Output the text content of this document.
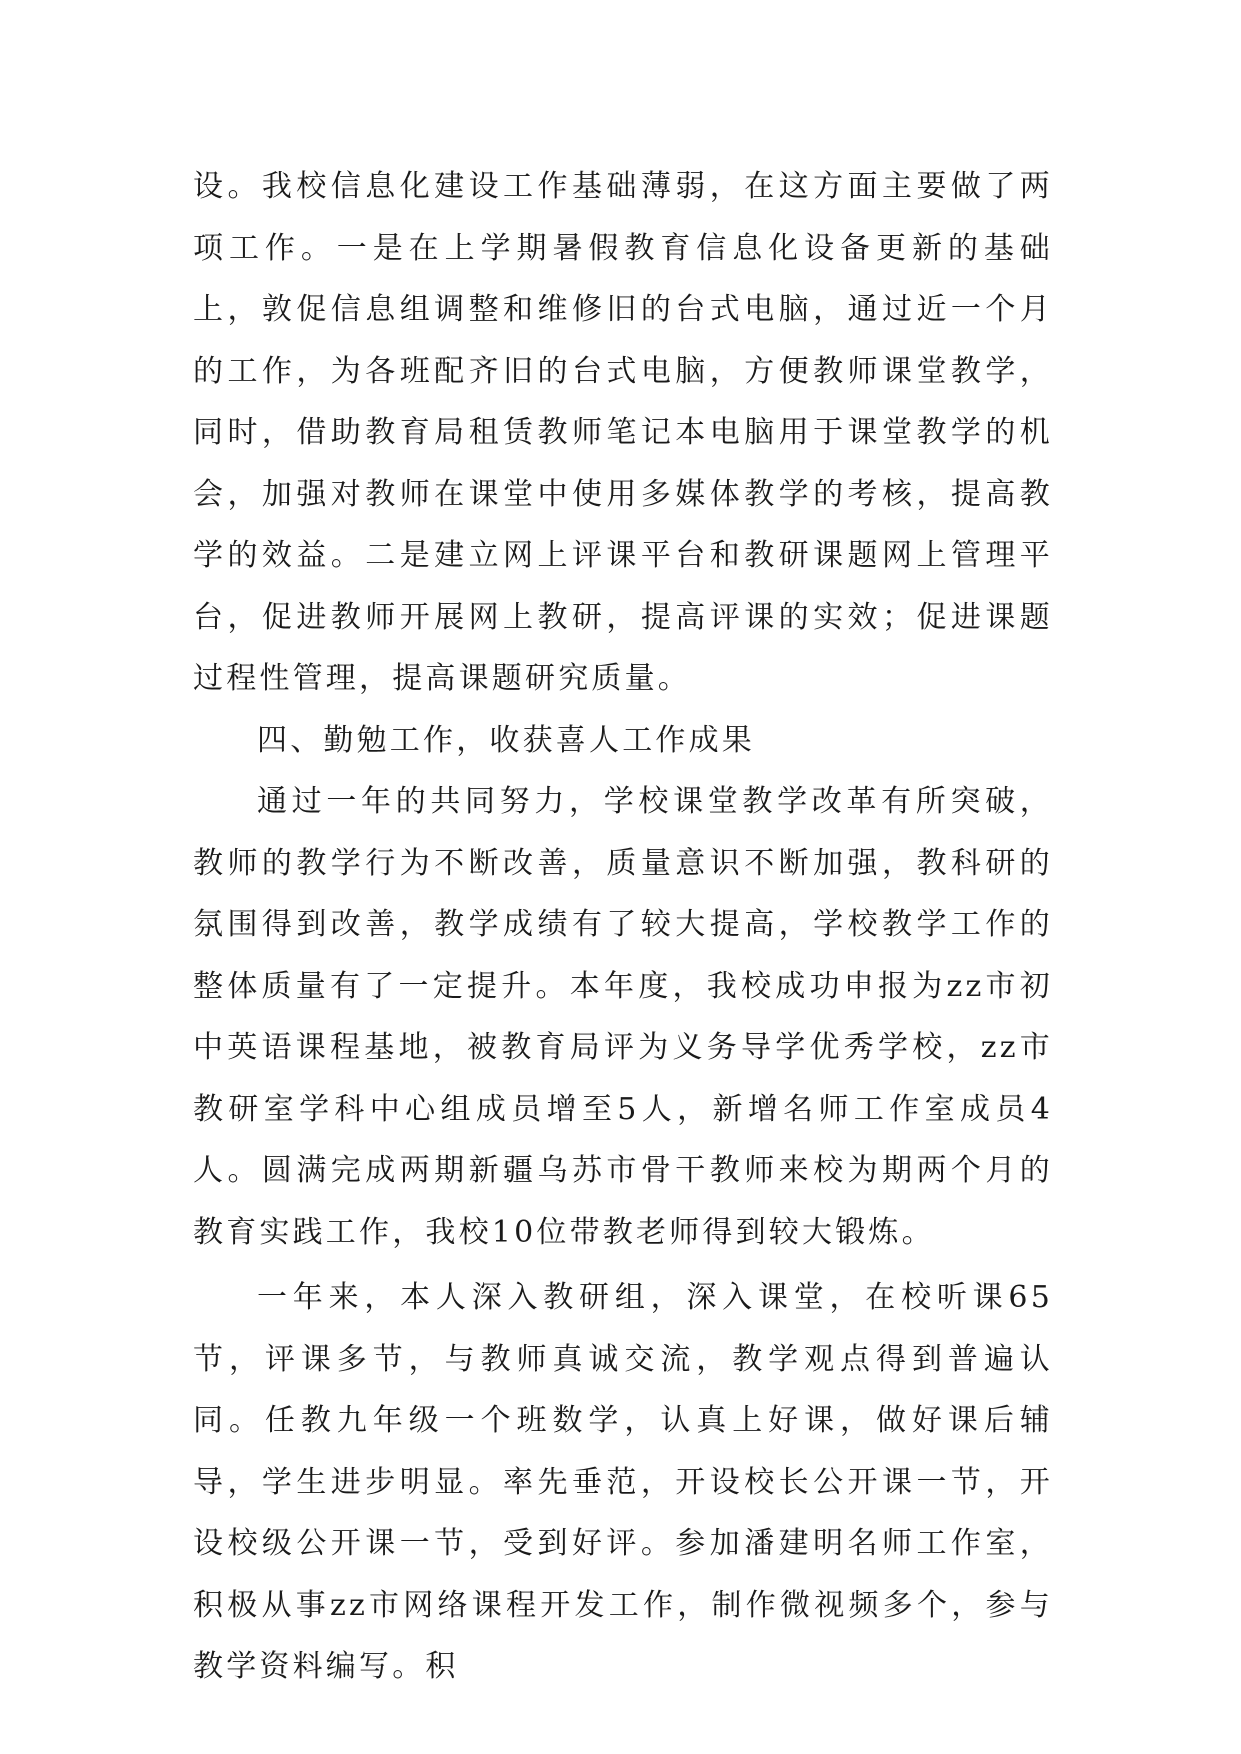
设。我校信息化建设工作基础薄弱，在这方面主要做了两项工作。一是在上学期暑假教育信息化设备更新的基础上，敦促信息组调整和维修旧的台式电脑，通过近一个月的工作，为各班配齐旧的台式电脑，方便教师课堂教学，同时，借助教育局租赁教师笔记本电脑用于课堂教学的机会，加强对教师在课堂中使用多媒体教学的考核，提高教学的效益。二是建立网上评课平台和教研课题网上管理平台，促进教师开展网上教研，提高评课的实效；促进课题过程性管理，提高课题研究质量。

四、勤勉工作，收获喜人工作成果

通过一年的共同努力，学校课堂教学改革有所突破，教师的教学行为不断改善，质量意识不断加强，教科研的氛围得到改善，教学成绩有了较大提高，学校教学工作的整体质量有了一定提升。本年度，我校成功申报为zz市初中英语课程基地，被教育局评为义务导学优秀学校，zz市教研室学科中心组成员增至5人，新增名师工作室成员4人。圆满完成两期新疆乌苏市骨干教师来校为期两个月的教育实践工作，我校10位带教老师得到较大锻炼。

一年来，本人深入教研组，深入课堂，在校听课65节，评课多节，与教师真诚交流，教学观点得到普遍认同。任教九年级一个班数学，认真上好课，做好课后辅导，学生进步明显。率先垂范，开设校长公开课一节，开设校级公开课一节，受到好评。参加潘建明名师工作室，积极从事zz市网络课程开发工作，制作微视频多个，参与教学资料编写。积
